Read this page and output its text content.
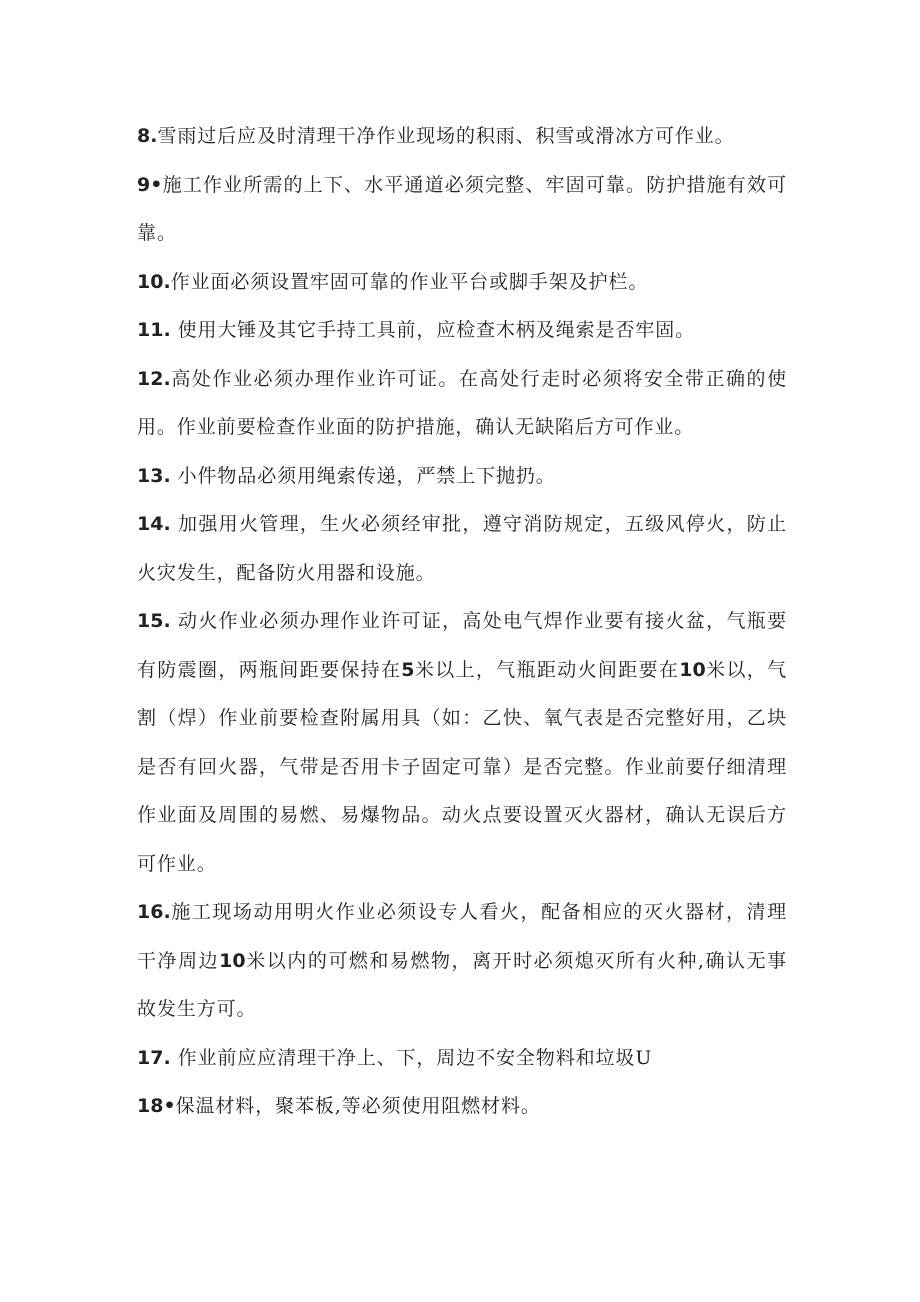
8.雪雨过后应及时清理干净作业现场的积雨、积雪或滑冰方可作业。

9•施工作业所需的上下、水平通道必须完整、牢固可靠。防护措施有效可靠。

10.作业面必须设置牢固可靠的作业平台或脚手架及护栏。

11. 使用大锤及其它手持工具前，应检查木柄及绳索是否牢固。

12.高处作业必须办理作业许可证。在高处行走时必须将安全带正确的使用。作业前要检查作业面的防护措施，确认无缺陷后方可作业。

13. 小件物品必须用绳索传递，严禁上下抛扔。

14. 加强用火管理，生火必须经审批，遵守消防规定，五级风停火，防止火灾发生，配备防火用器和设施。

15. 动火作业必须办理作业许可证，高处电气焊作业要有接火盆，气瓶要有防震圈，两瓶间距要保持在5米以上，气瓶距动火间距要在10米以，气割（焊）作业前要检查附属用具（如：乙快、氧气表是否完整好用，乙块是否有回火器，气带是否用卡子固定可靠）是否完整。作业前要仔细清理作业面及周围的易燃、易爆物品。动火点要设置灭火器材，确认无误后方可作业。

16.施工现场动用明火作业必须设专人看火，配备相应的灭火器材，清理干净周边10米以内的可燃和易燃物，离开时必须熄灭所有火种,确认无事故发生方可。

17. 作业前应应清理干净上、下，周边不安全物料和垃圾U

18•保温材料，聚苯板,等必须使用阻燃材料。
